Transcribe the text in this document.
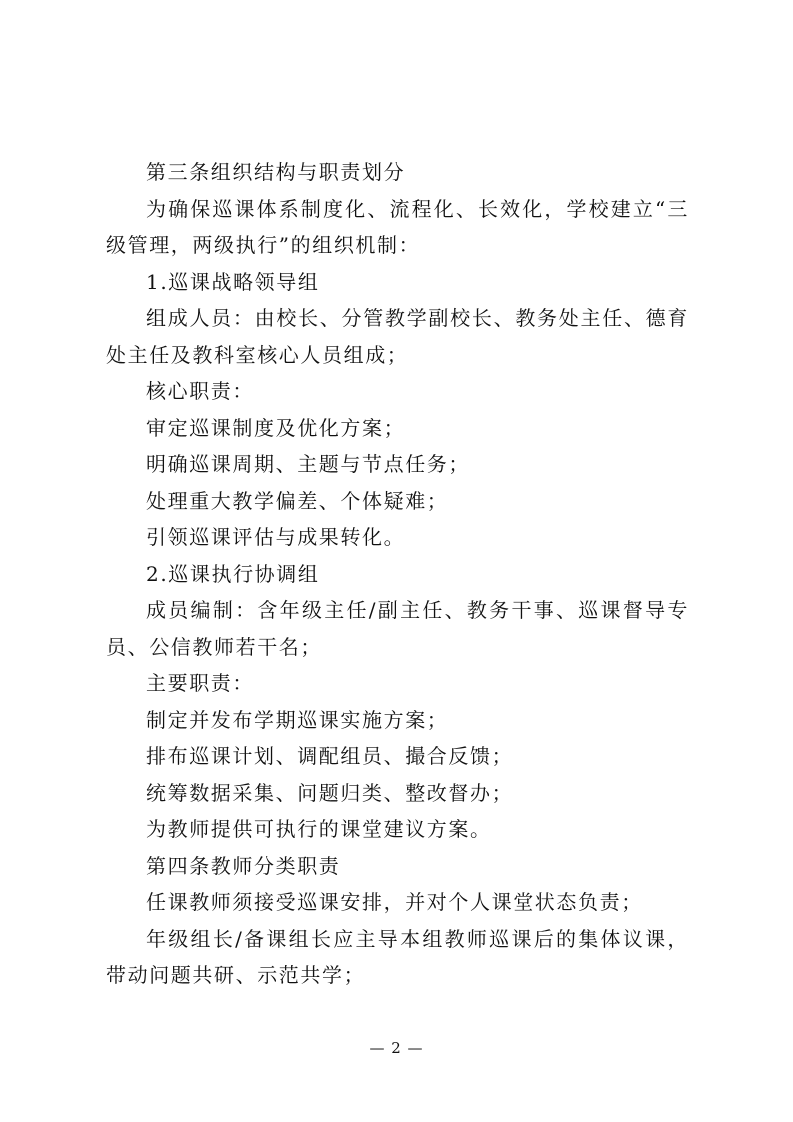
第三条组织结构与职责划分

为确保巡课体系制度化、流程化、长效化，学校建立“三级管理，两级执行”的组织机制：

1.巡课战略领导组

组成人员：由校长、分管教学副校长、教务处主任、德育处主任及教科室核心人员组成；

核心职责：

审定巡课制度及优化方案；

明确巡课周期、主题与节点任务；

处理重大教学偏差、个体疑难；

引领巡课评估与成果转化。

2.巡课执行协调组

成员编制：含年级主任/副主任、教务干事、巡课督导专员、公信教师若干名；

主要职责：

制定并发布学期巡课实施方案；

排布巡课计划、调配组员、撮合反馈；

统筹数据采集、问题归类、整改督办；

为教师提供可执行的课堂建议方案。

第四条教师分类职责

任课教师须接受巡课安排，并对个人课堂状态负责；

年级组长/备课组长应主导本组教师巡课后的集体议课，带动问题共研、示范共学；

— 2 —
